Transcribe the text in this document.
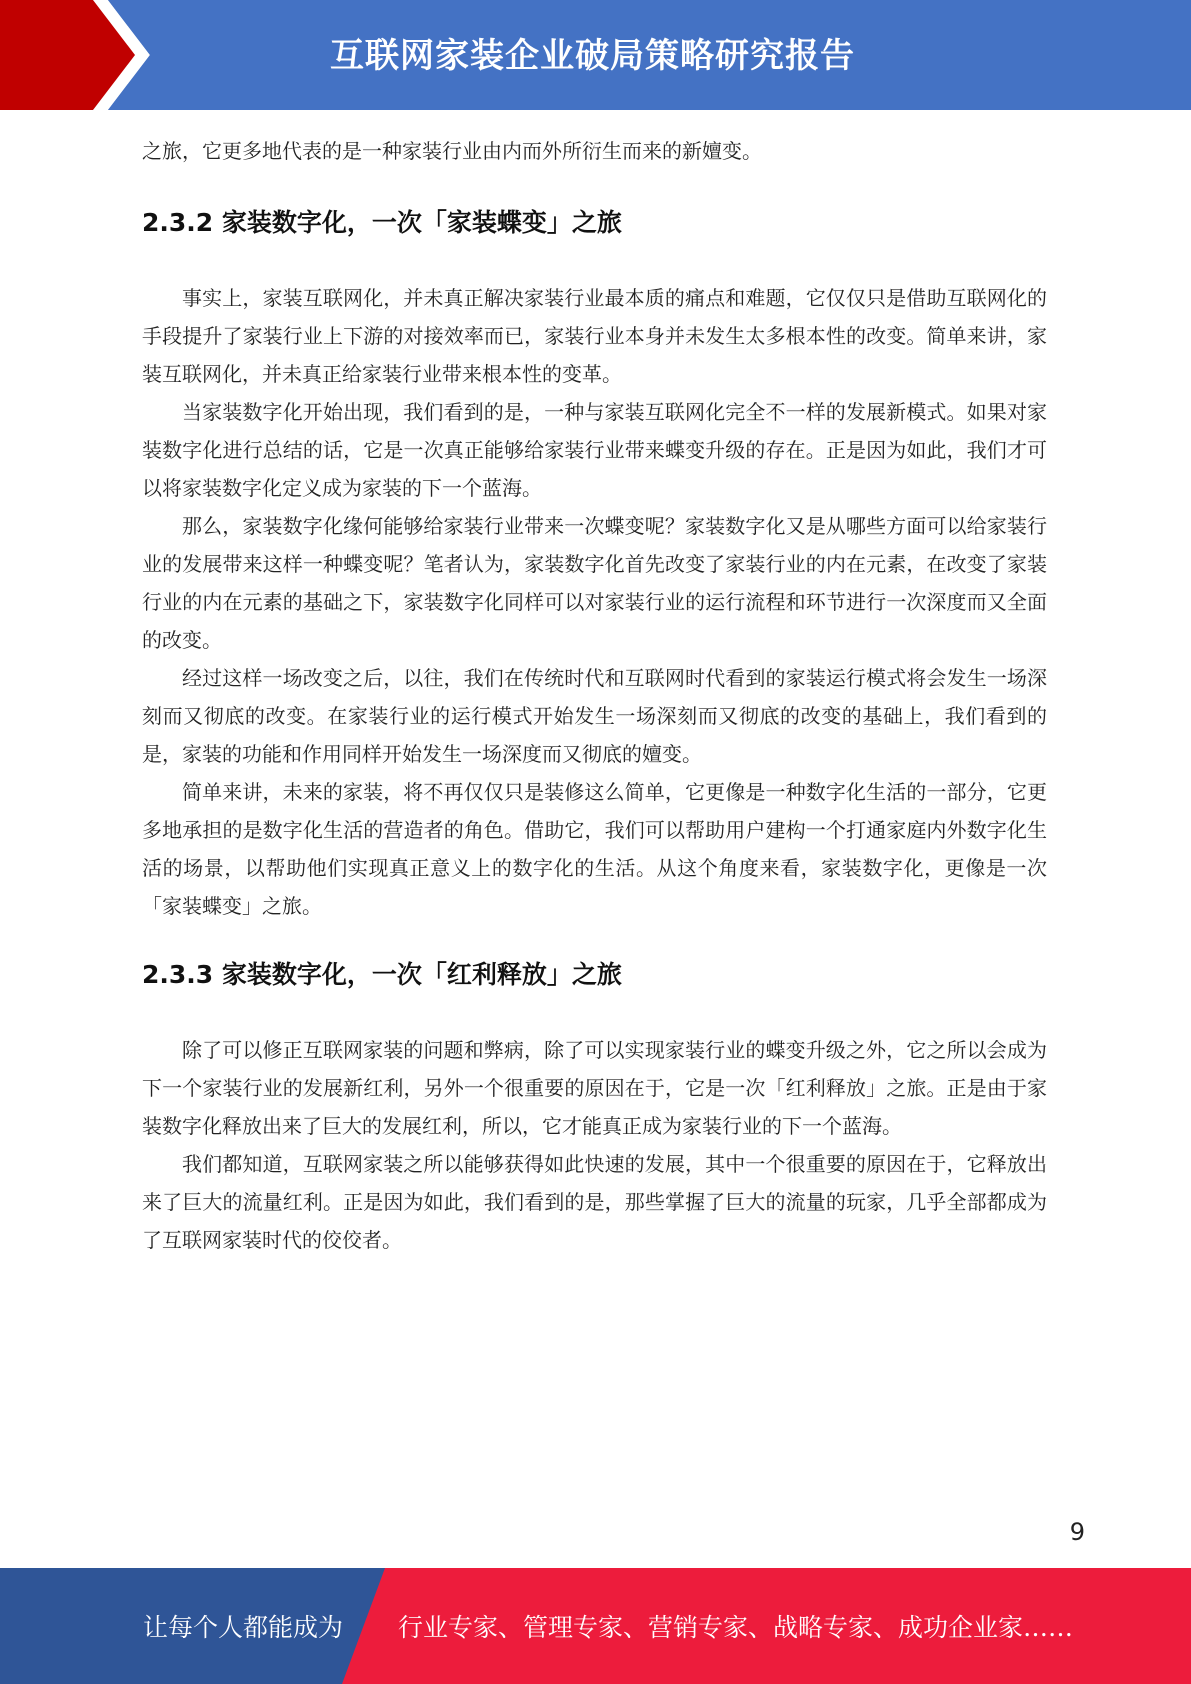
互联网家装企业破局策略研究报告

之旅，它更多地代表的是一种家装行业由内而外所衍生而来的新嬗变。

2.3.2 家装数字化，一次「家装蝶变」之旅

事实上，家装互联网化，并未真正解决家装行业最本质的痛点和难题，它仅仅只是借助互联网化的手段提升了家装行业上下游的对接效率而已，家装行业本身并未发生太多根本性的改变。简单来讲，家装互联网化，并未真正给家装行业带来根本性的变革。

当家装数字化开始出现，我们看到的是，一种与家装互联网化完全不一样的发展新模式。如果对家装数字化进行总结的话，它是一次真正能够给家装行业带来蝶变升级的存在。正是因为如此，我们才可以将家装数字化定义成为家装的下一个蓝海。

那么，家装数字化缘何能够给家装行业带来一次蝶变呢？家装数字化又是从哪些方面可以给家装行业的发展带来这样一种蝶变呢？笔者认为，家装数字化首先改变了家装行业的内在元素，在改变了家装行业的内在元素的基础之下，家装数字化同样可以对家装行业的运行流程和环节进行一次深度而又全面的改变。

经过这样一场改变之后，以往，我们在传统时代和互联网时代看到的家装运行模式将会发生一场深刻而又彻底的改变。在家装行业的运行模式开始发生一场深刻而又彻底的改变的基础上，我们看到的是，家装的功能和作用同样开始发生一场深度而又彻底的嬗变。

简单来讲，未来的家装，将不再仅仅只是装修这么简单，它更像是一种数字化生活的一部分，它更多地承担的是数字化生活的营造者的角色。借助它，我们可以帮助用户建构一个打通家庭内外数字化生活的场景，以帮助他们实现真正意义上的数字化的生活。从这个角度来看，家装数字化，更像是一次「家装蝶变」之旅。

2.3.3 家装数字化，一次「红利释放」之旅

除了可以修正互联网家装的问题和弊病，除了可以实现家装行业的蝶变升级之外，它之所以会成为下一个家装行业的发展新红利，另外一个很重要的原因在于，它是一次「红利释放」之旅。正是由于家装数字化释放出来了巨大的发展红利，所以，它才能真正成为家装行业的下一个蓝海。

我们都知道，互联网家装之所以能够获得如此快速的发展，其中一个很重要的原因在于，它释放出来了巨大的流量红利。正是因为如此，我们看到的是，那些掌握了巨大的流量的玩家，几乎全部都成为了互联网家装时代的佼佼者。

9
让每个人都能成为 行业专家、管理专家、营销专家、战略专家、成功企业家……
